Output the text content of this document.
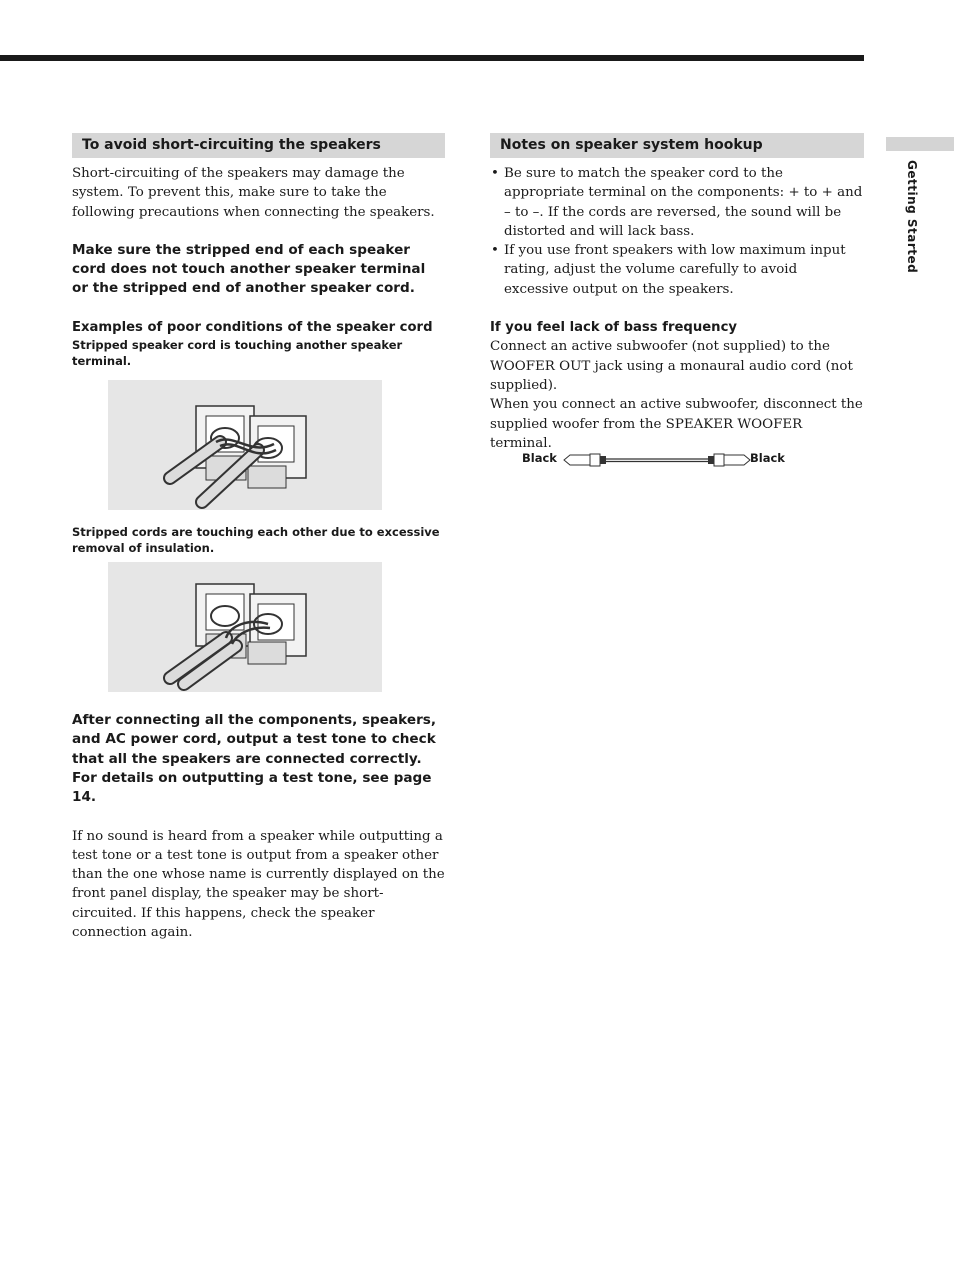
Getting Started
To avoid short-circuiting the speakers

Short-circuiting of the speakers may damage the system. To prevent this, make sure to take the following precautions when connecting the speakers.

Make sure the stripped end of each speaker cord does not touch another speaker terminal or the stripped end of another speaker cord.

Examples of poor conditions of the speaker cord

Stripped speaker cord is touching another speaker terminal.

Stripped cords are touching each other due to excessive removal of insulation.

After connecting all the components, speakers, and AC power cord, output a test tone to check that all the speakers are connected correctly. For details on outputting a test tone, see page 14.

If no sound is heard from a speaker while outputting a test tone or a test tone is output from a speaker other than the one whose name is currently displayed on the front panel display, the speaker may be short-circuited. If this happens, check the speaker connection again.

Notes on speaker system hookup
• Be sure to match the speaker cord to the appropriate terminal on the components: + to + and – to –. If the cords are reversed, the sound will be distorted and will lack bass.
• If you use front speakers with low maximum input rating, adjust the volume carefully to avoid excessive output on the speakers.

If you feel lack of bass frequency

Connect an active subwoofer (not supplied) to the WOOFER OUT jack using a monaural audio cord (not supplied).

When you connect an active subwoofer, disconnect the supplied woofer from the SPEAKER WOOFER terminal.

Black	Black
